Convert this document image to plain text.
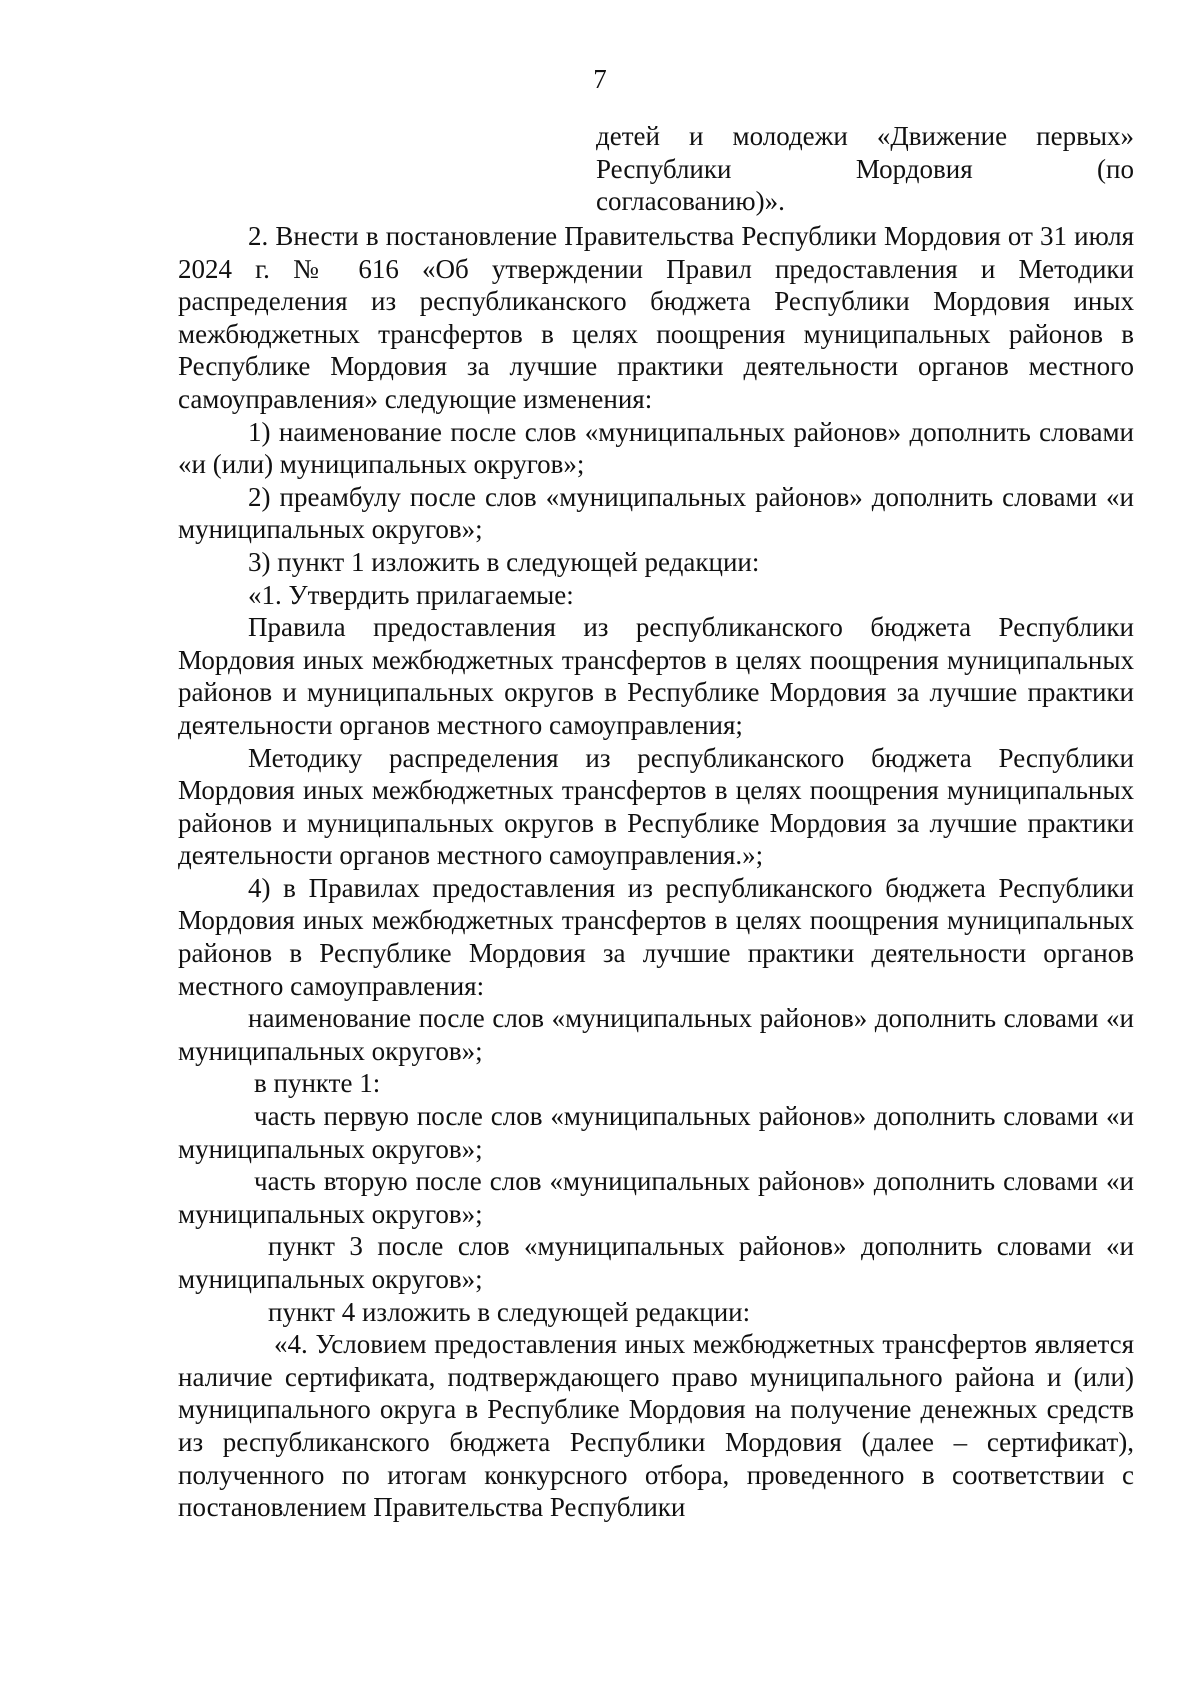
7
детей и молодежи «Движение первых»
Республики Мордовия (по
согласованию)».

2. Внести в постановление Правительства Республики Мордовия от 31 июля 2024 г. № 616 «Об утверждении Правил предоставления и Методики распределения из республиканского бюджета Республики Мордовия иных межбюджетных трансфертов в целях поощрения муниципальных районов в Республике Мордовия за лучшие практики деятельности органов местного самоуправления» следующие изменения:

1) наименование после слов «муниципальных районов» дополнить словами «и (или) муниципальных округов»;

2) преамбулу после слов «муниципальных районов» дополнить словами «и муниципальных округов»;

3) пункт 1 изложить в следующей редакции:

«1. Утвердить прилагаемые:

Правила предоставления из республиканского бюджета Республики Мордовия иных межбюджетных трансфертов в целях поощрения муниципальных районов и муниципальных округов в Республике Мордовия за лучшие практики деятельности органов местного самоуправления;

Методику распределения из республиканского бюджета Республики Мордовия иных межбюджетных трансфертов в целях поощрения муниципальных районов и муниципальных округов в Республике Мордовия за лучшие практики деятельности органов местного самоуправления.»;

4) в Правилах предоставления из республиканского бюджета Республики Мордовия иных межбюджетных трансфертов в целях поощрения муниципальных районов в Республике Мордовия за лучшие практики деятельности органов местного самоуправления:

наименование после слов «муниципальных районов» дополнить словами «и муниципальных округов»;

в пункте 1:

часть первую после слов «муниципальных районов» дополнить словами «и муниципальных округов»;

часть вторую после слов «муниципальных районов» дополнить словами «и муниципальных округов»;

пункт 3 после слов «муниципальных районов» дополнить словами «и муниципальных округов»;

пункт 4 изложить в следующей редакции:

«4. Условием предоставления иных межбюджетных трансфертов является наличие сертификата, подтверждающего право муниципального района и (или) муниципального округа в Республике Мордовия на получение денежных средств из республиканского бюджета Республики Мордовия (далее – сертификат), полученного по итогам конкурсного отбора, проведенного в соответствии с постановлением Правительства Республики
